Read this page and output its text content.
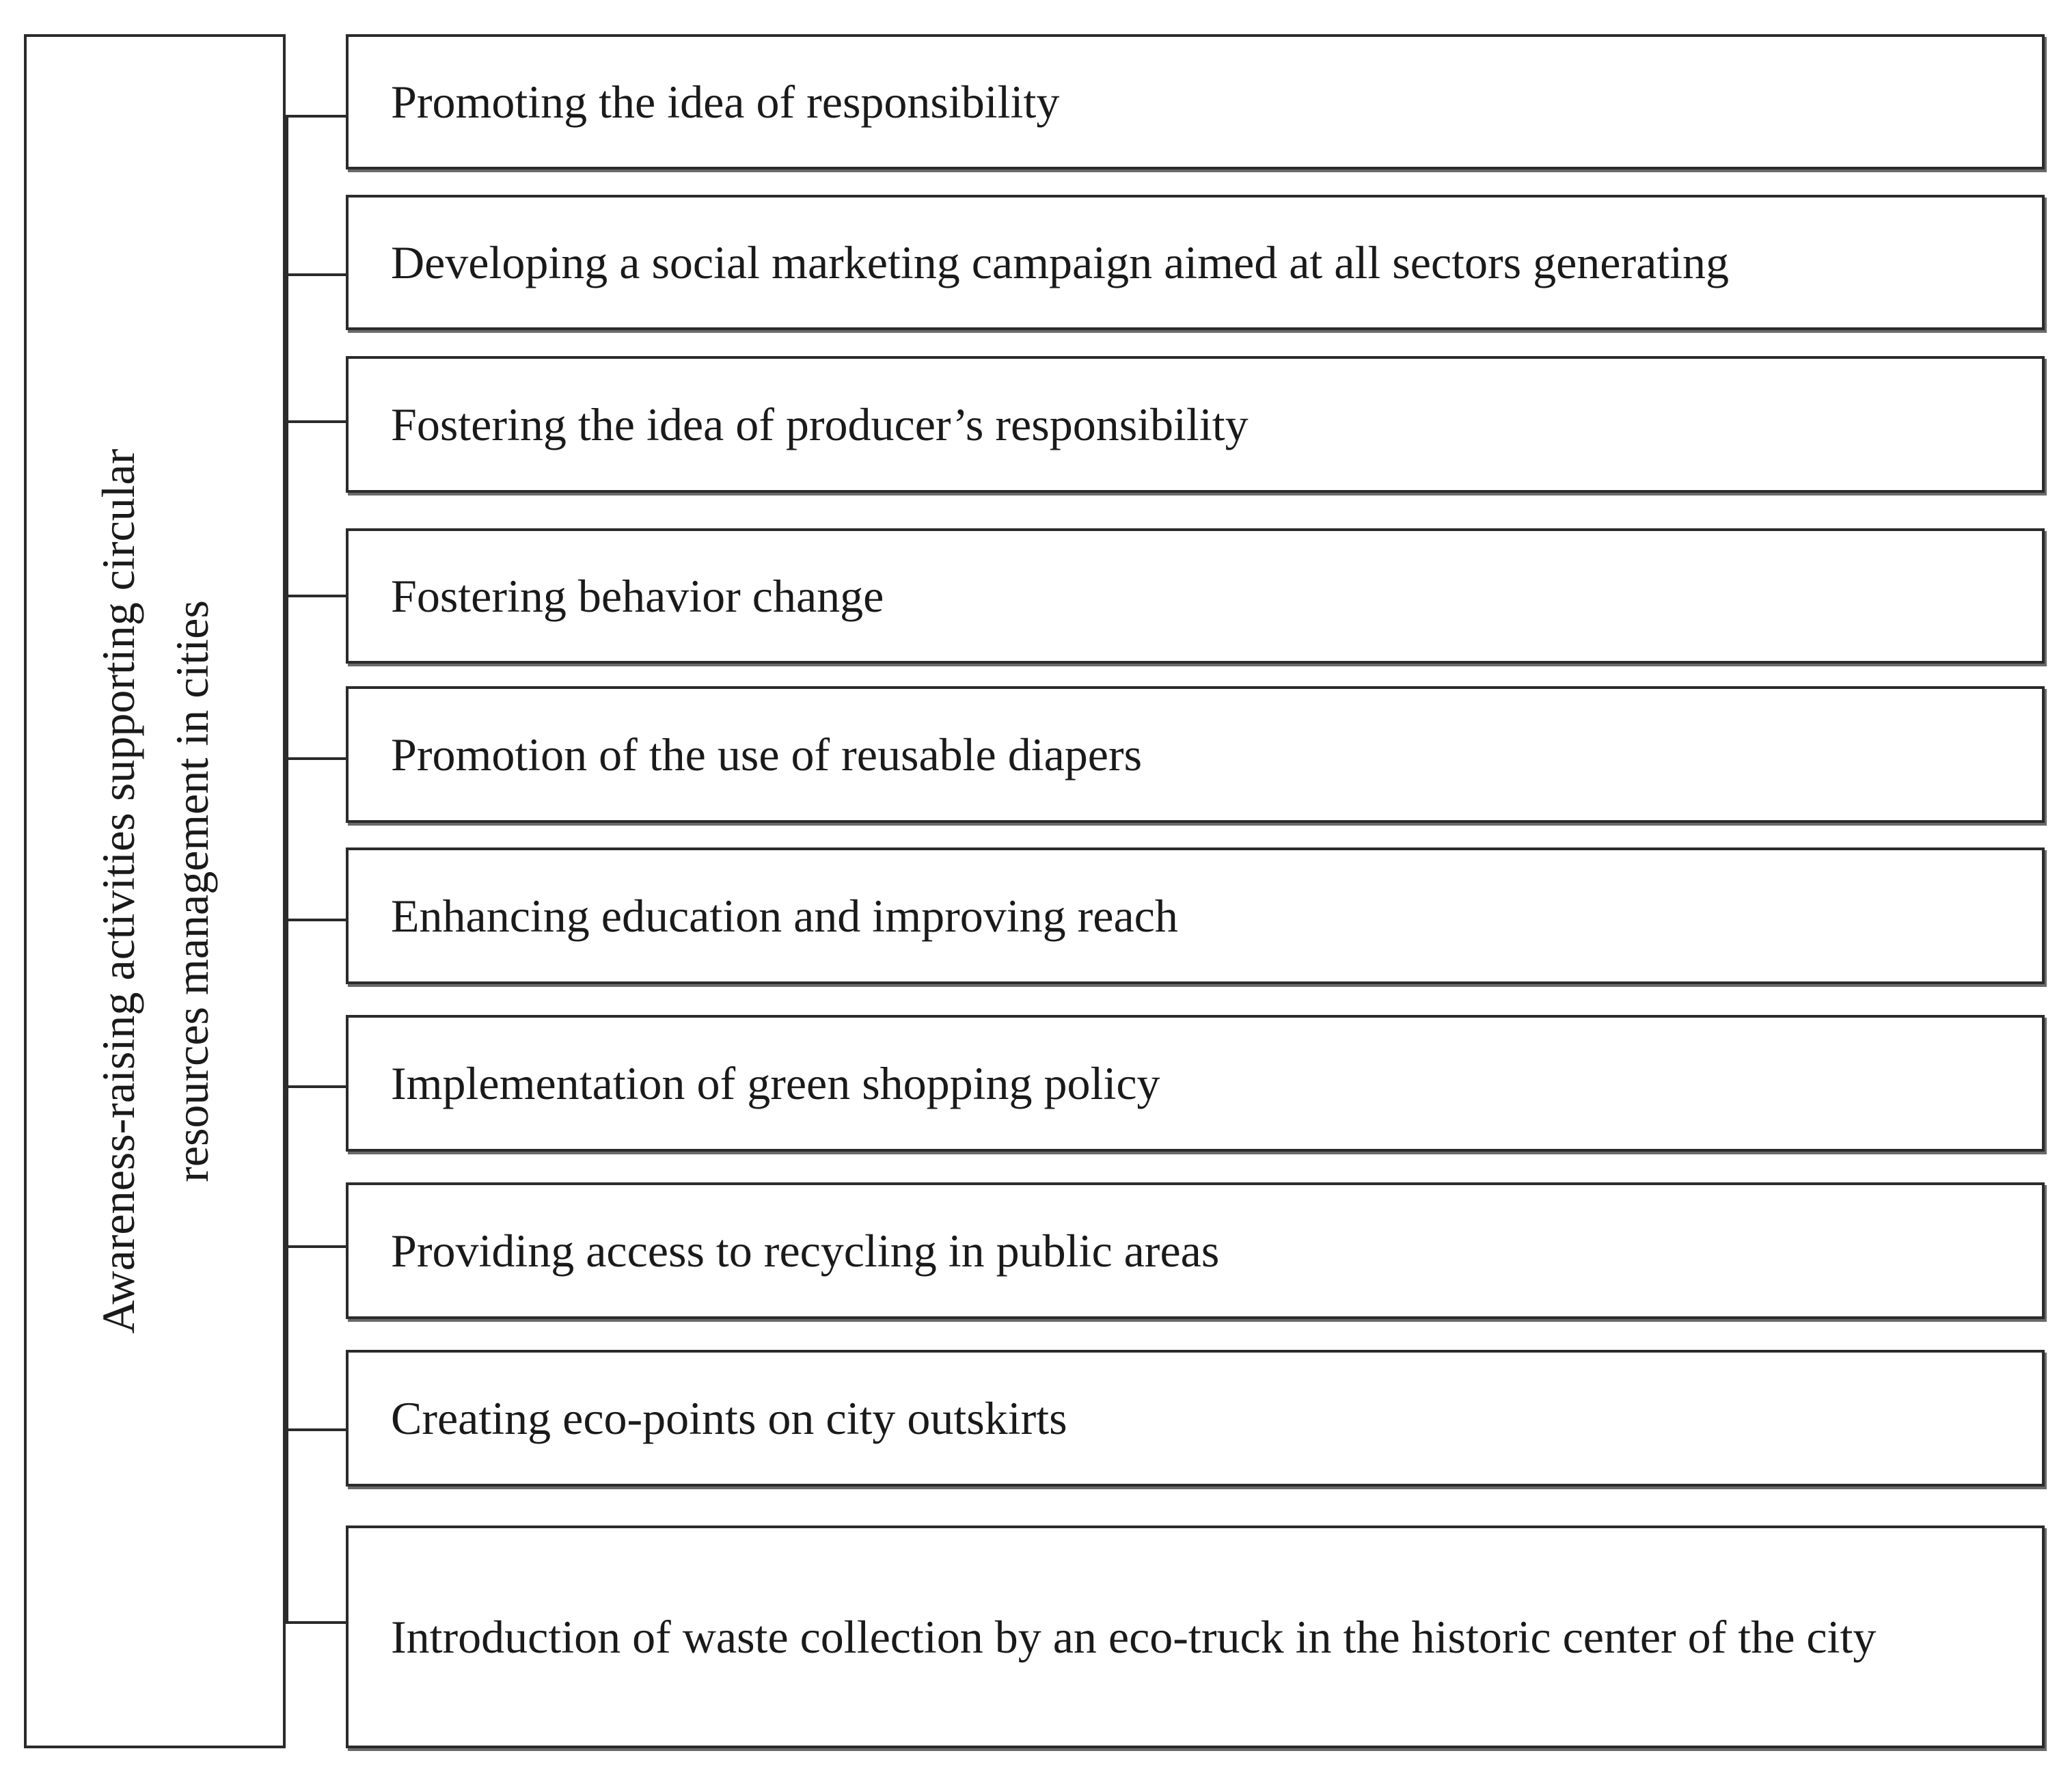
Awareness-raising activities supporting circular resources management in cities
Promoting the idea of responsibility
Developing a social marketing campaign aimed at all sectors generating
Fostering the idea of producer’s responsibility
Fostering behavior change
Promotion of the use of reusable diapers
Enhancing education and improving reach
Implementation of green shopping policy
Providing access to recycling in public areas
Creating eco-points on city outskirts
Introduction of waste collection by an eco-truck in the historic center of the city
